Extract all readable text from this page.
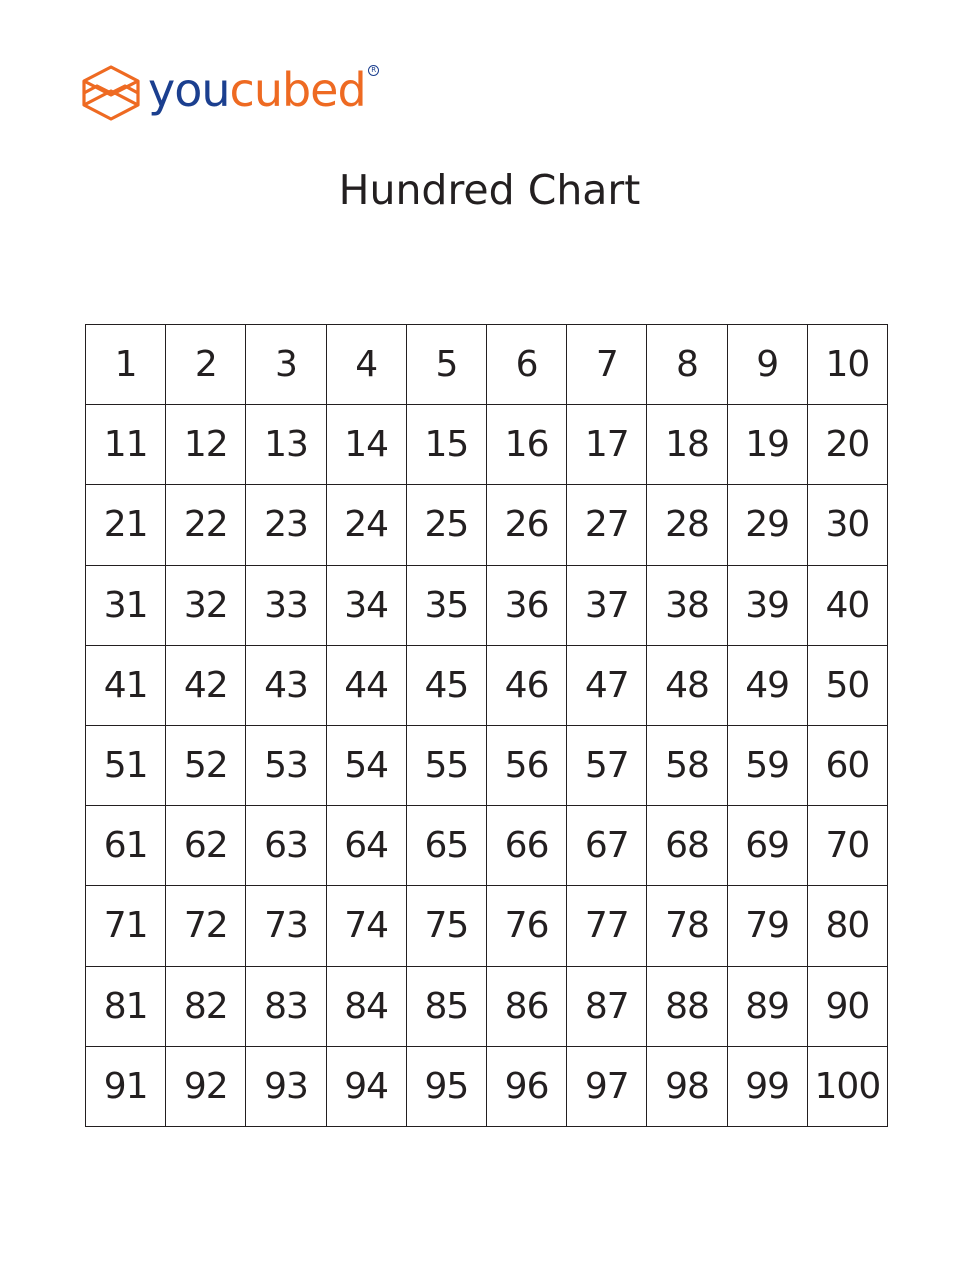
youcubed R
Hundred Chart
1	2	3	4	5	6	7	8	9	10
11	12	13	14	15	16	17	18	19	20
21	22	23	24	25	26	27	28	29	30
31	32	33	34	35	36	37	38	39	40
41	42	43	44	45	46	47	48	49	50
51	52	53	54	55	56	57	58	59	60
61	62	63	64	65	66	67	68	69	70
71	72	73	74	75	76	77	78	79	80
81	82	83	84	85	86	87	88	89	90
91	92	93	94	95	96	97	98	99 100
